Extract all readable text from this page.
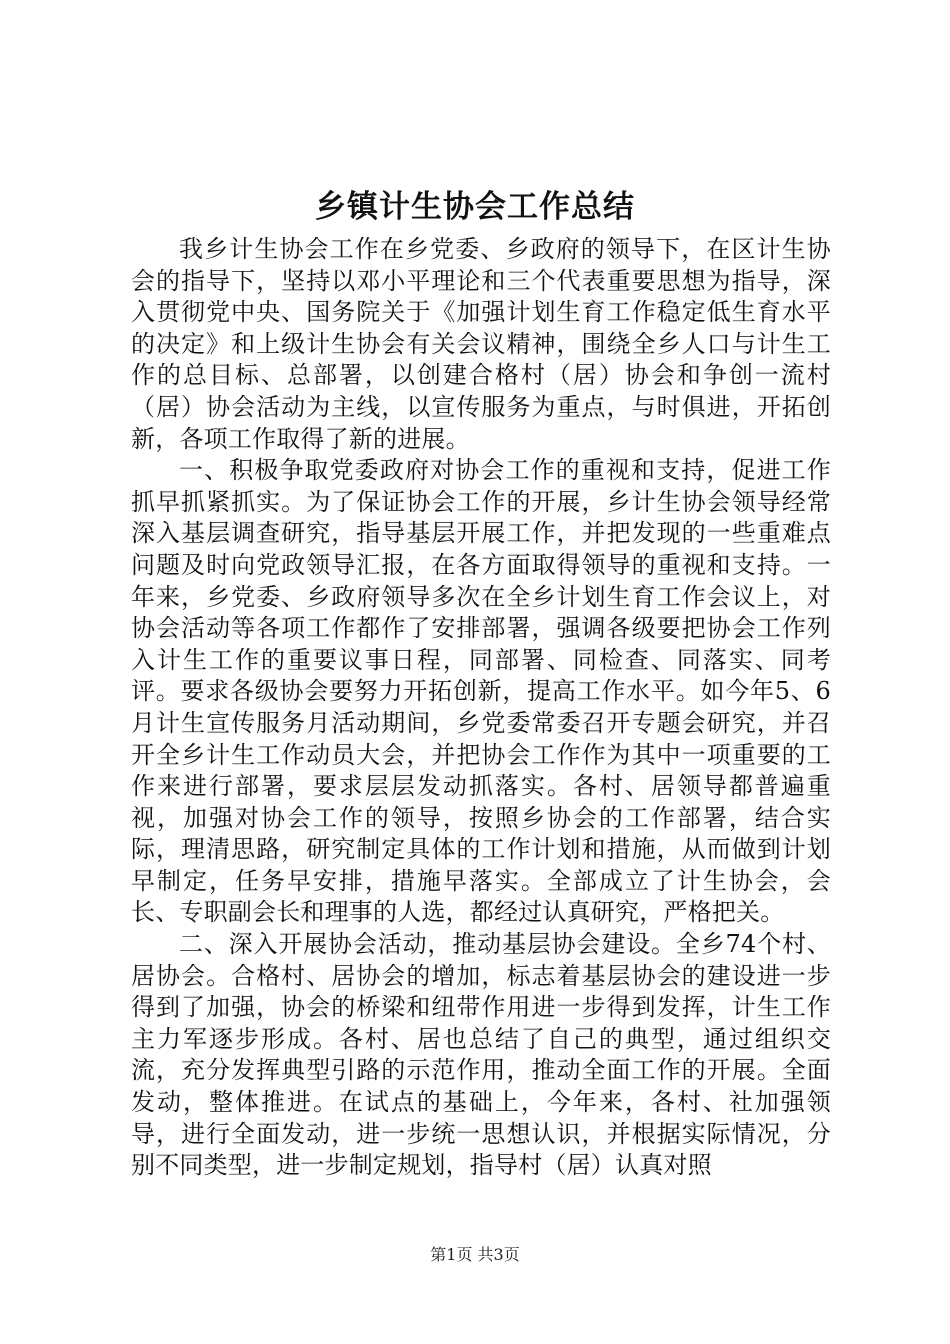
乡镇计生协会工作总结

我乡计生协会工作在乡党委、乡政府的领导下，在区计生协会的指导下，坚持以邓小平理论和三个代表重要思想为指导，深入贯彻党中央、国务院关于《加强计划生育工作稳定低生育水平的决定》和上级计生协会有关会议精神，围绕全乡人口与计生工作的总目标、总部署，以创建合格村（居）协会和争创一流村（居）协会活动为主线，以宣传服务为重点，与时俱进，开拓创新，各项工作取得了新的进展。

一、积极争取党委政府对协会工作的重视和支持，促进工作抓早抓紧抓实。为了保证协会工作的开展，乡计生协会领导经常深入基层调查研究，指导基层开展工作，并把发现的一些重难点问题及时向党政领导汇报，在各方面取得领导的重视和支持。一年来，乡党委、乡政府领导多次在全乡计划生育工作会议上，对协会活动等各项工作都作了安排部署，强调各级要把协会工作列入计生工作的重要议事日程，同部署、同检查、同落实、同考评。要求各级协会要努力开拓创新，提高工作水平。如今年5、6月计生宣传服务月活动期间，乡党委常委召开专题会研究，并召开全乡计生工作动员大会，并把协会工作作为其中一项重要的工作来进行部署，要求层层发动抓落实。各村、居领导都普遍重视，加强对协会工作的领导，按照乡协会的工作部署，结合实际，理清思路，研究制定具体的工作计划和措施，从而做到计划早制定，任务早安排，措施早落实。全部成立了计生协会，会长、专职副会长和理事的人选，都经过认真研究，严格把关。

二、深入开展协会活动，推动基层协会建设。全乡74个村、居协会。合格村、居协会的增加，标志着基层协会的建设进一步得到了加强，协会的桥梁和纽带作用进一步得到发挥，计生工作主力军逐步形成。各村、居也总结了自己的典型，通过组织交流，充分发挥典型引路的示范作用，推动全面工作的开展。全面发动，整体推进。在试点的基础上，今年来，各村、社加强领导，进行全面发动，进一步统一思想认识，并根据实际情况，分别不同类型，进一步制定规划，指导村（居）认真对照

第1页 共3页
